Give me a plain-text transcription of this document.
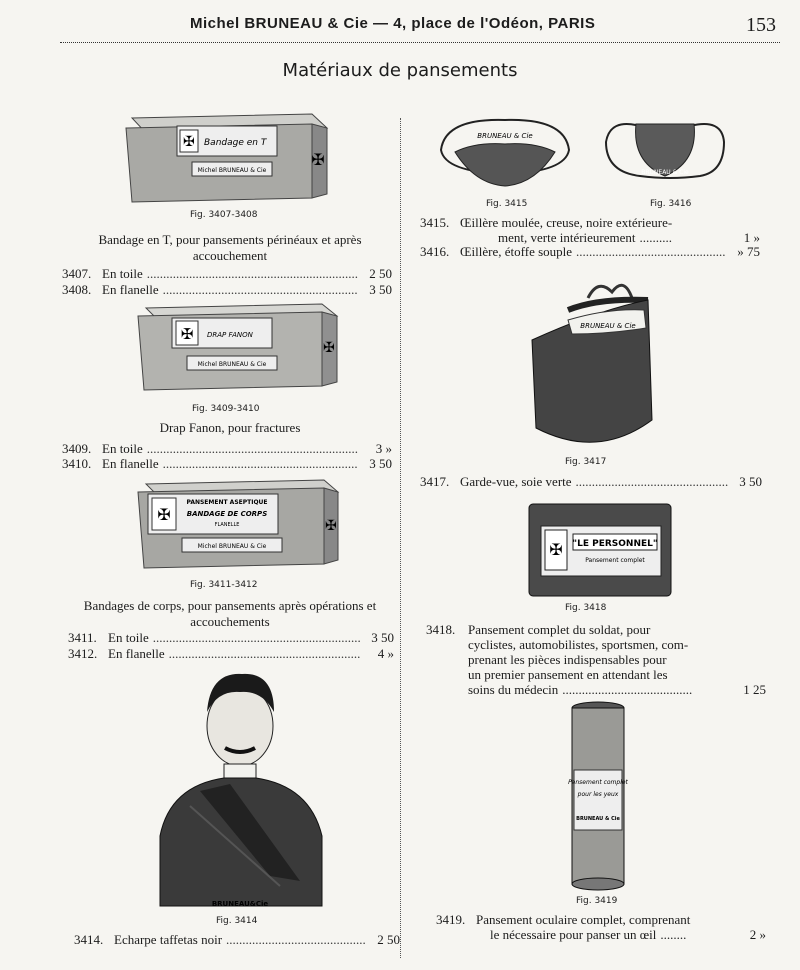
Michel BRUNEAU & Cie — 4, place de l'Odéon, PARIS	153
Matériaux de pansements
✠ Bandage en T
Michel BRUNEAU & Cie
✠
Fig. 3407-3408
Bandage en T, pour pansements périnéaux et après accouchement
3407. En toile .....	2 50
3408. En flanelle .....	3 50
✠ DRAP FANON
Michel BRUNEAU & Cie
✠
Fig. 3409-3410
Drap Fanon, pour fractures
3409. En toile .....	3 »
3410. En flanelle .....	3 50
✠
PANSEMENT ASEPTIQUE
BANDAGE DE CORPS
FLANELLE
Michel BRUNEAU & Cie
✠
Fig. 3411-3412
Bandages de corps, pour pansements après opérations et accouchements
3411. En toile .....	3 50
3412. En flanelle .....	4 »
BRUNEAU&Cie
Fig. 3414
3414. Echarpe taffetas noir .....	2 50
BRUNEAU & Cie
BRUNEAU & Cie
Fig. 3415	Fig. 3416
3415. Œillère moulée, creuse, noire extérieure-
ment, verte intérieurement ..........	1 »
3416. Œillère, étoffe souple .....	» 75
BRUNEAU & Cie
Fig. 3417
3417. Garde-vue, soie verte .....	3 50
✠ "LE PERSONNEL"
Pansement complet
Fig. 3418
3418. Pansement complet du soldat, pour
cyclistes, automobilistes, sportsmen, com-
prenant les pièces indispensables pour
un premier pansement en attendant les
soins du médecin ........................................	1 25
Pansement complet
pour les yeux
BRUNEAU & Cie
Fig. 3419
3419. Pansement oculaire complet, comprenant
le nécessaire pour panser un œil ........	2 »
